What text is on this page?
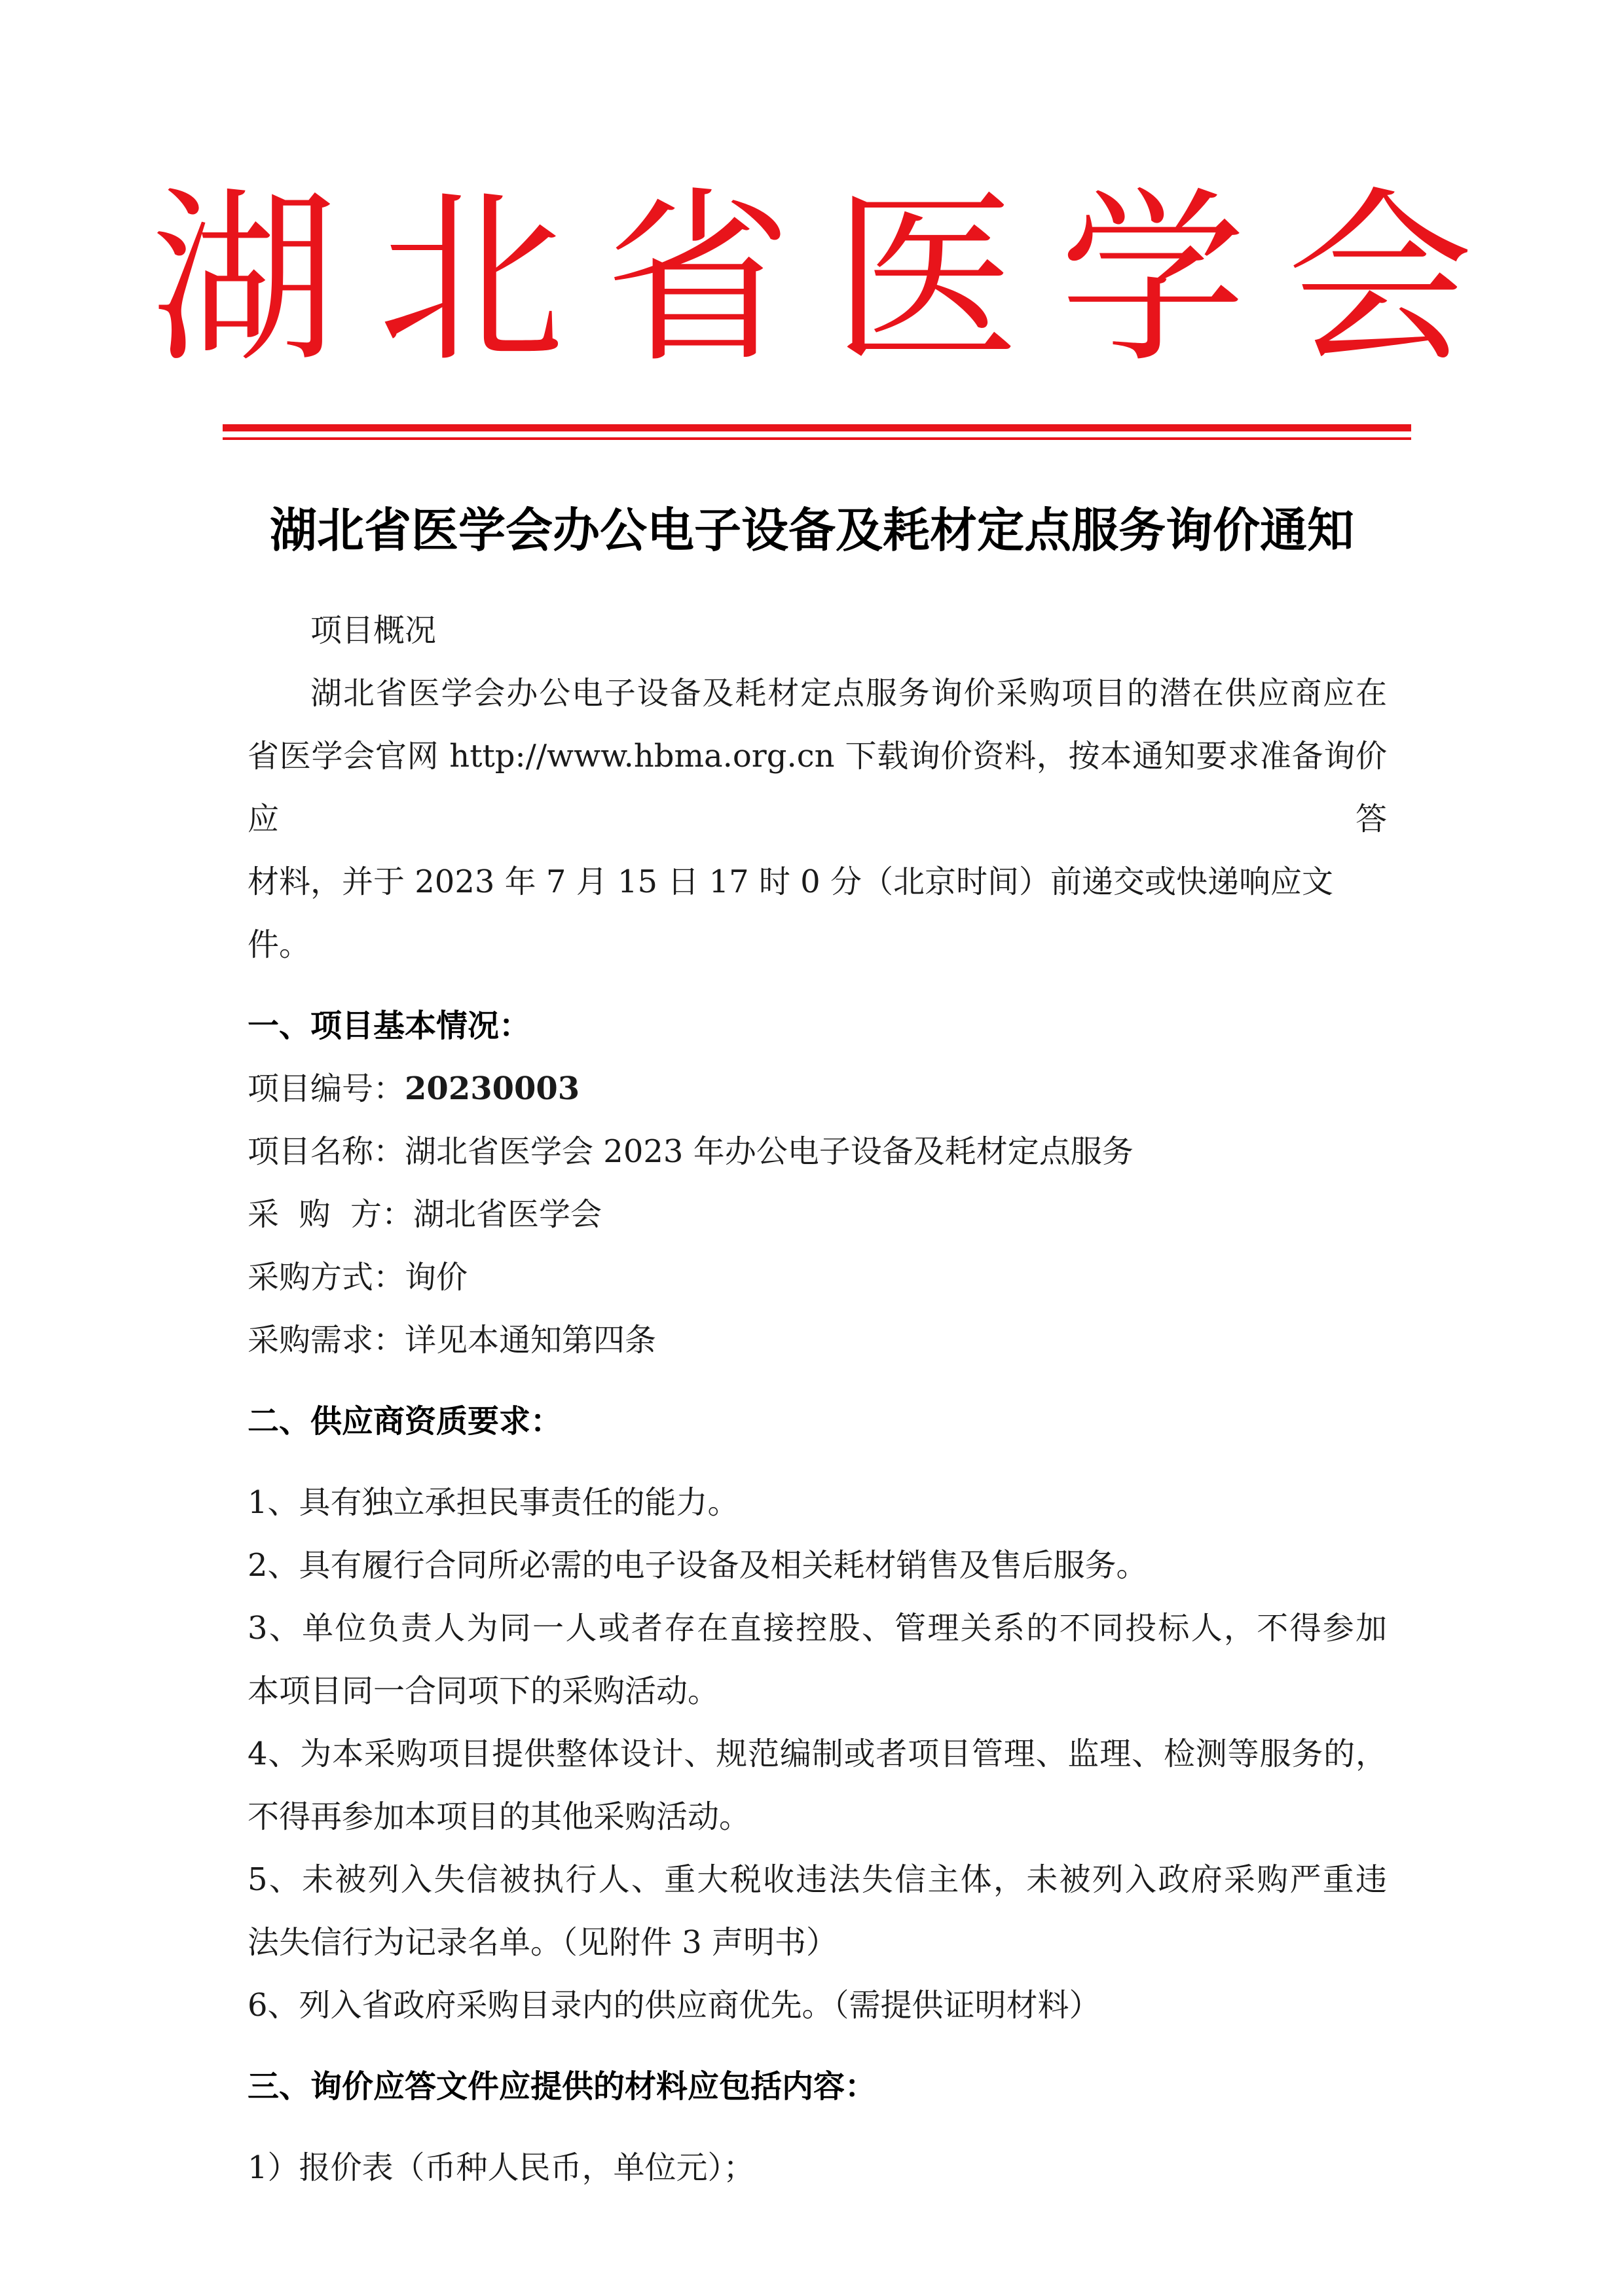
湖北省医学会
湖北省医学会办公电子设备及耗材定点服务询价通知

项目概况

湖北省医学会办公电子设备及耗材定点服务询价采购项目的潜在供应商应在

省医学会官网 http://www.hbma.org.cn 下载询价资料，按本通知要求准备询价应答

材料，并于 2023 年 7 月 15 日 17 时 0 分（北京时间）前递交或快递响应文件。

一、项目基本情况：

项目编号：20230003

项目名称：湖北省医学会 2023 年办公电子设备及耗材定点服务

采  购  方：湖北省医学会

采购方式：询价

采购需求：详见本通知第四条

二、供应商资质要求：

1、具有独立承担民事责任的能力。

2、具有履行合同所必需的电子设备及相关耗材销售及售后服务。

3、单位负责人为同一人或者存在直接控股、管理关系的不同投标人，不得参加

本项目同一合同项下的采购活动。

4、为本采购项目提供整体设计、规范编制或者项目管理、监理、检测等服务的，

不得再参加本项目的其他采购活动。

5、未被列入失信被执行人、重大税收违法失信主体，未被列入政府采购严重违

法失信行为记录名单。（见附件 3 声明书）

6、列入省政府采购目录内的供应商优先。（需提供证明材料）

三、询价应答文件应提供的材料应包括内容：

1）报价表（币种人民币，单位元）；
